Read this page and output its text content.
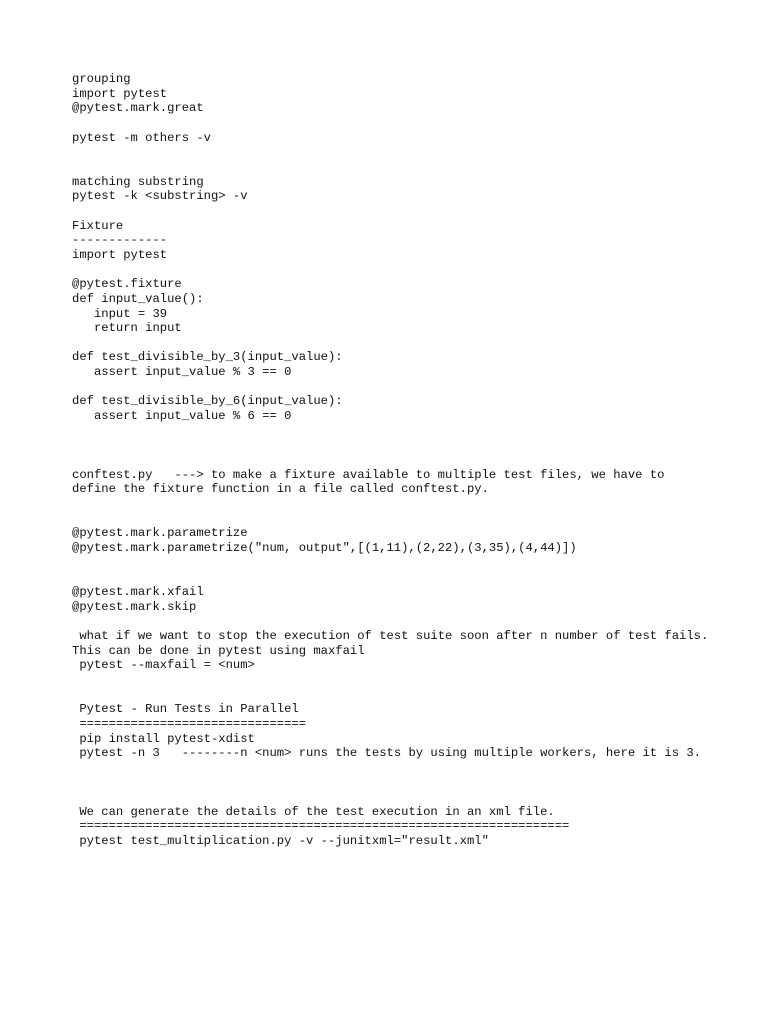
grouping
import pytest
@pytest.mark.great

pytest -m others -v

matching substring
pytest -k <substring> -v

Fixture
-------------
import pytest

@pytest.fixture
def input_value():
input = 39
return input

def test_divisible_by_3(input_value):
assert input_value % 3 == 0

def test_divisible_by_6(input_value):
assert input_value % 6 == 0

conftest.py   ---> to make a fixture available to multiple test files, we have to define the fixture function in a file called conftest.py.

@pytest.mark.parametrize
@pytest.mark.parametrize("num, output",[(1,11),(2,22),(3,35),(4,44)])

@pytest.mark.xfail
@pytest.mark.skip

what if we want to stop the execution of test suite soon after n number of test fails. This can be done in pytest using maxfail
pytest --maxfail = <num>

Pytest - Run Tests in Parallel
===============================
pip install pytest-xdist
pytest -n 3   --------n <num> runs the tests by using multiple workers, here it is 3.

We can generate the details of the test execution in an xml file.
===================================================================
pytest test_multiplication.py -v --junitxml="result.xml"
